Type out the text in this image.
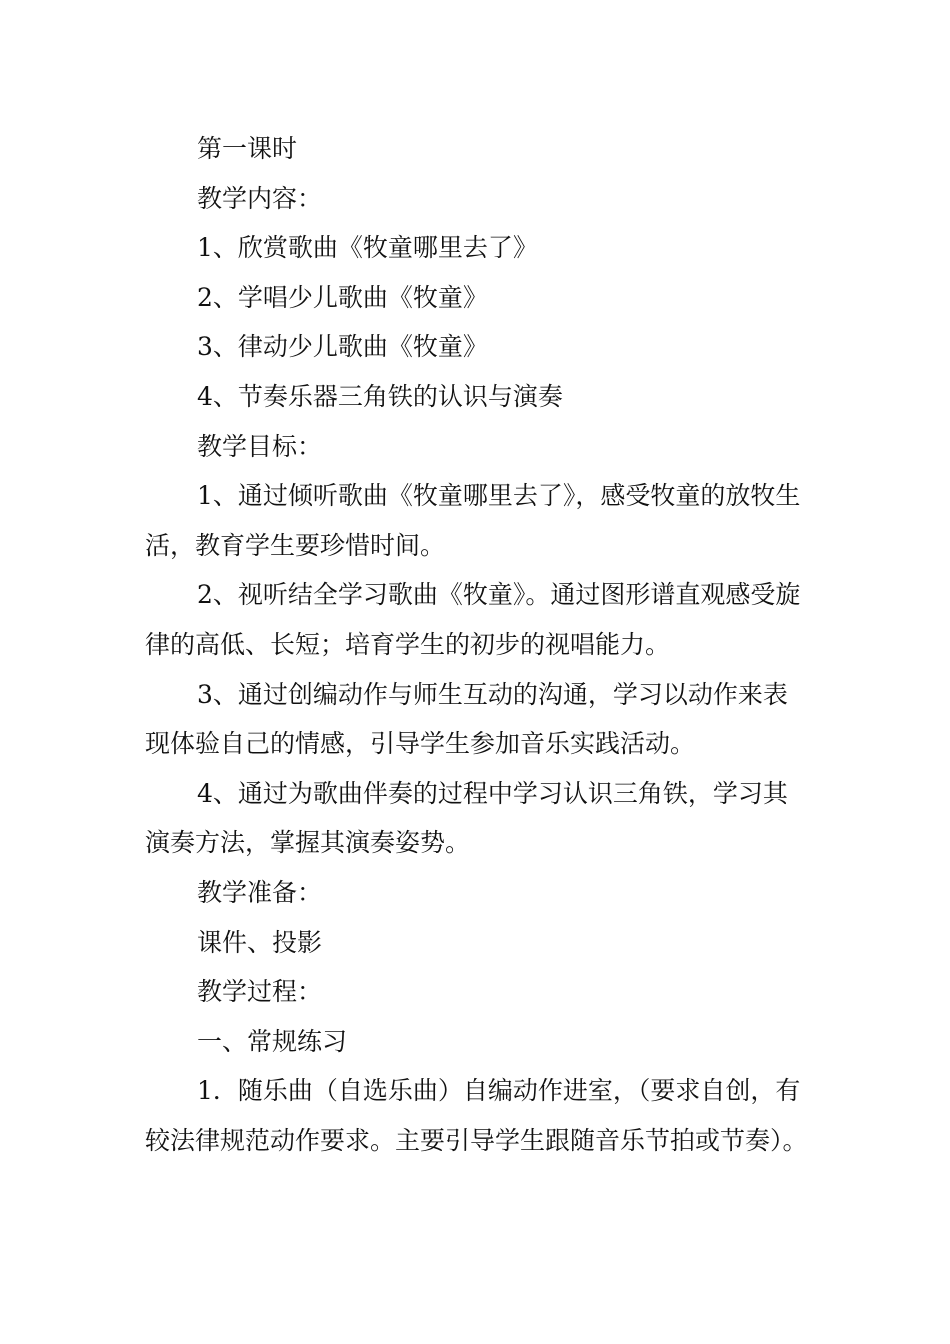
第一课时

教学内容：

1、欣赏歌曲《牧童哪里去了》

2、学唱少儿歌曲《牧童》

3、律动少儿歌曲《牧童》

4、节奏乐器三角铁的认识与演奏

教学目标：

1、通过倾听歌曲《牧童哪里去了》，感受牧童的放牧生活，教育学生要珍惜时间。

2、视听结全学习歌曲《牧童》。通过图形谱直观感受旋律的高低、长短；培育学生的初步的视唱能力。

3、通过创编动作与师生互动的沟通，学习以动作来表现体验自己的情感，引导学生参加音乐实践活动。

4、通过为歌曲伴奏的过程中学习认识三角铁，学习其演奏方法，掌握其演奏姿势。

教学准备：

课件、投影

教学过程：

一、常规练习

1．随乐曲（自选乐曲）自编动作进室，（要求自创，有较法律规范动作要求。主要引导学生跟随音乐节拍或节奏）。
